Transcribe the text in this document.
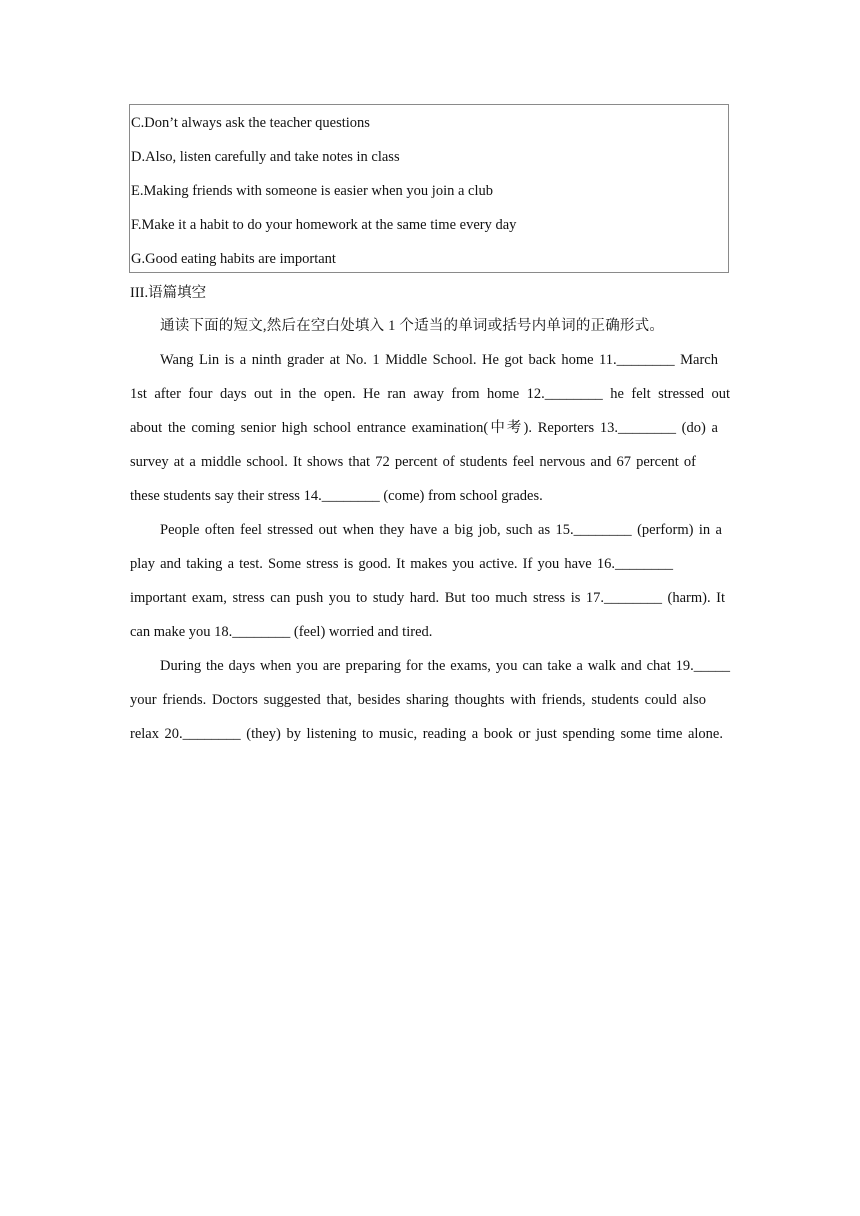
C.Don’t always ask the teacher questions
D.Also, listen carefully and take notes in class
E.Making friends with someone is easier when you join a club
F.Make it a habit to do your homework at the same time every day
G.Good eating habits are important
III.语篇填空
通读下面的短文,然后在空白处填入 1 个适当的单词或括号内单词的正确形式。
Wang Lin is a ninth grader at No. 1 Middle School. He got back home 11.________ March
1st after four days out in the open. He ran away from home 12.________ he felt stressed out
about the coming senior high school entrance examination(中考). Reporters 13.________ (do) a
survey at a middle school. It shows that 72 percent of students feel nervous and 67 percent of
these students say their stress 14.________ (come) from school grades.
People often feel stressed out when they have a big job, such as 15.________ (perform) in a
play and taking a test. Some stress is good. It makes you active. If you have 16.________
important exam, stress can push you to study hard. But too much stress is 17.________ (harm). It
can make you 18.________ (feel) worried and tired.
During the days when you are preparing for the exams, you can take a walk and chat 19._____
your friends. Doctors suggested that, besides sharing thoughts with friends, students could also
relax 20.________ (they) by listening to music, reading a book or just spending some time alone.
